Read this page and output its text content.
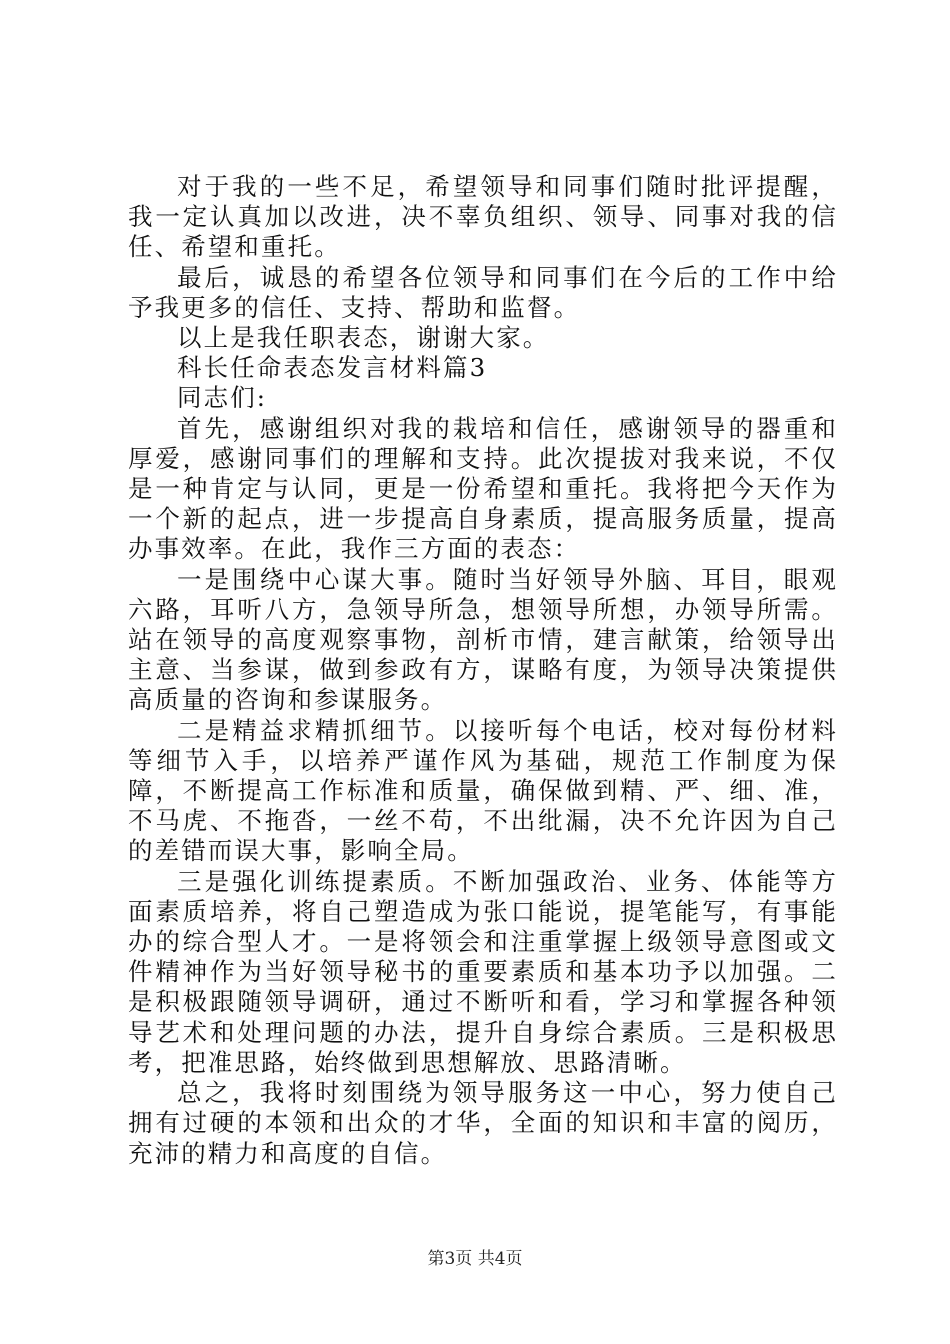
对于我的一些不足，希望领导和同事们随时批评提醒，我一定认真加以改进，决不辜负组织、领导、同事对我的信任、希望和重托。

最后，诚恳的希望各位领导和同事们在今后的工作中给予我更多的信任、支持、帮助和监督。

以上是我任职表态，谢谢大家。

科长任命表态发言材料篇3

同志们:

首先，感谢组织对我的栽培和信任，感谢领导的器重和厚爱，感谢同事们的理解和支持。此次提拔对我来说，不仅是一种肯定与认同，更是一份希望和重托。我将把今天作为一个新的起点，进一步提高自身素质，提高服务质量，提高办事效率。在此，我作三方面的表态：

一是围绕中心谋大事。随时当好领导外脑、耳目，眼观六路，耳听八方，急领导所急，想领导所想，办领导所需。站在领导的高度观察事物，剖析市情，建言献策，给领导出主意、当参谋，做到参政有方，谋略有度，为领导决策提供高质量的咨询和参谋服务。

二是精益求精抓细节。以接听每个电话，校对每份材料等细节入手，以培养严谨作风为基础，规范工作制度为保障，不断提高工作标准和质量，确保做到精、严、细、准，不马虎、不拖沓，一丝不苟，不出纰漏，决不允许因为自己的差错而误大事，影响全局。

三是强化训练提素质。不断加强政治、业务、体能等方面素质培养，将自己塑造成为张口能说，提笔能写，有事能办的综合型人才。一是将领会和注重掌握上级领导意图或文件精神作为当好领导秘书的重要素质和基本功予以加强。二是积极跟随领导调研，通过不断听和看，学习和掌握各种领导艺术和处理问题的办法，提升自身综合素质。三是积极思考，把准思路，始终做到思想解放、思路清晰。

总之，我将时刻围绕为领导服务这一中心，努力使自己拥有过硬的本领和出众的才华，全面的知识和丰富的阅历，充沛的精力和高度的自信。

第3页 共4页
